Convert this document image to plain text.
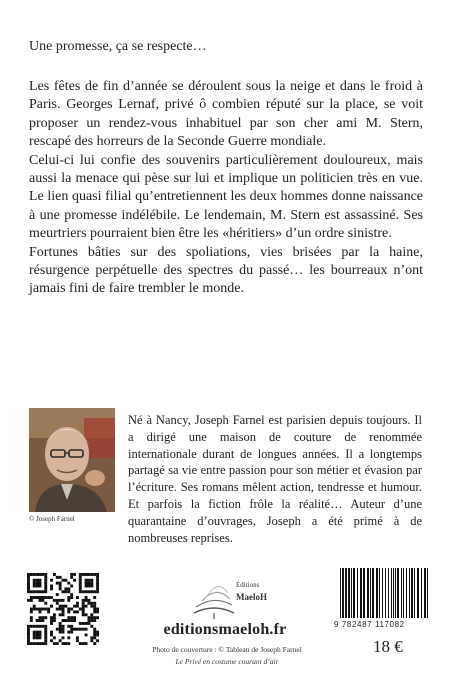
Une promesse, ça se respecte…

Les fêtes de fin d’année se déroulent sous la neige et dans le froid à Paris. Georges Lernaf, privé ô combien réputé sur la place, se voit proposer un rendez-vous inhabituel par son cher ami M. Stern, rescapé des horreurs de la Seconde Guerre mondiale.

Celui-ci lui confie des souvenirs particulièrement douloureux, mais aussi la menace qui pèse sur lui et implique un politicien très en vue. Le lien quasi filial qu’entretiennent les deux hommes donne naissance à une promesse indélébile. Le lendemain, M. Stern est assassiné. Ses meurtriers pourraient bien être les «héritiers» d’un ordre sinistre.

Fortunes bâties sur des spoliations, vies brisées par la haine, résurgence perpétuelle des spectres du passé… les bourreaux n’ont jamais fini de faire trembler le monde.

© Joseph Farnel
Né à Nancy, Joseph Farnel est parisien depuis toujours. Il a dirigé une maison de couture de renommée internationale durant de longues années. Il a longtemps partagé sa vie entre passion pour son métier et évasion par l’écriture. Ses romans mêlent action, tendresse et humour. Et parfois la fiction frôle la réalité… Auteur d’une quarantaine d’ouvrages, Joseph a été primé à de nombreuses reprises.
Éditions
MaeloH
editionsmaeloh.fr
Photo de couverture : © Tableau de Joseph Farnel
Le Privé en costume courant d’air
9 782487 117082
18 €
